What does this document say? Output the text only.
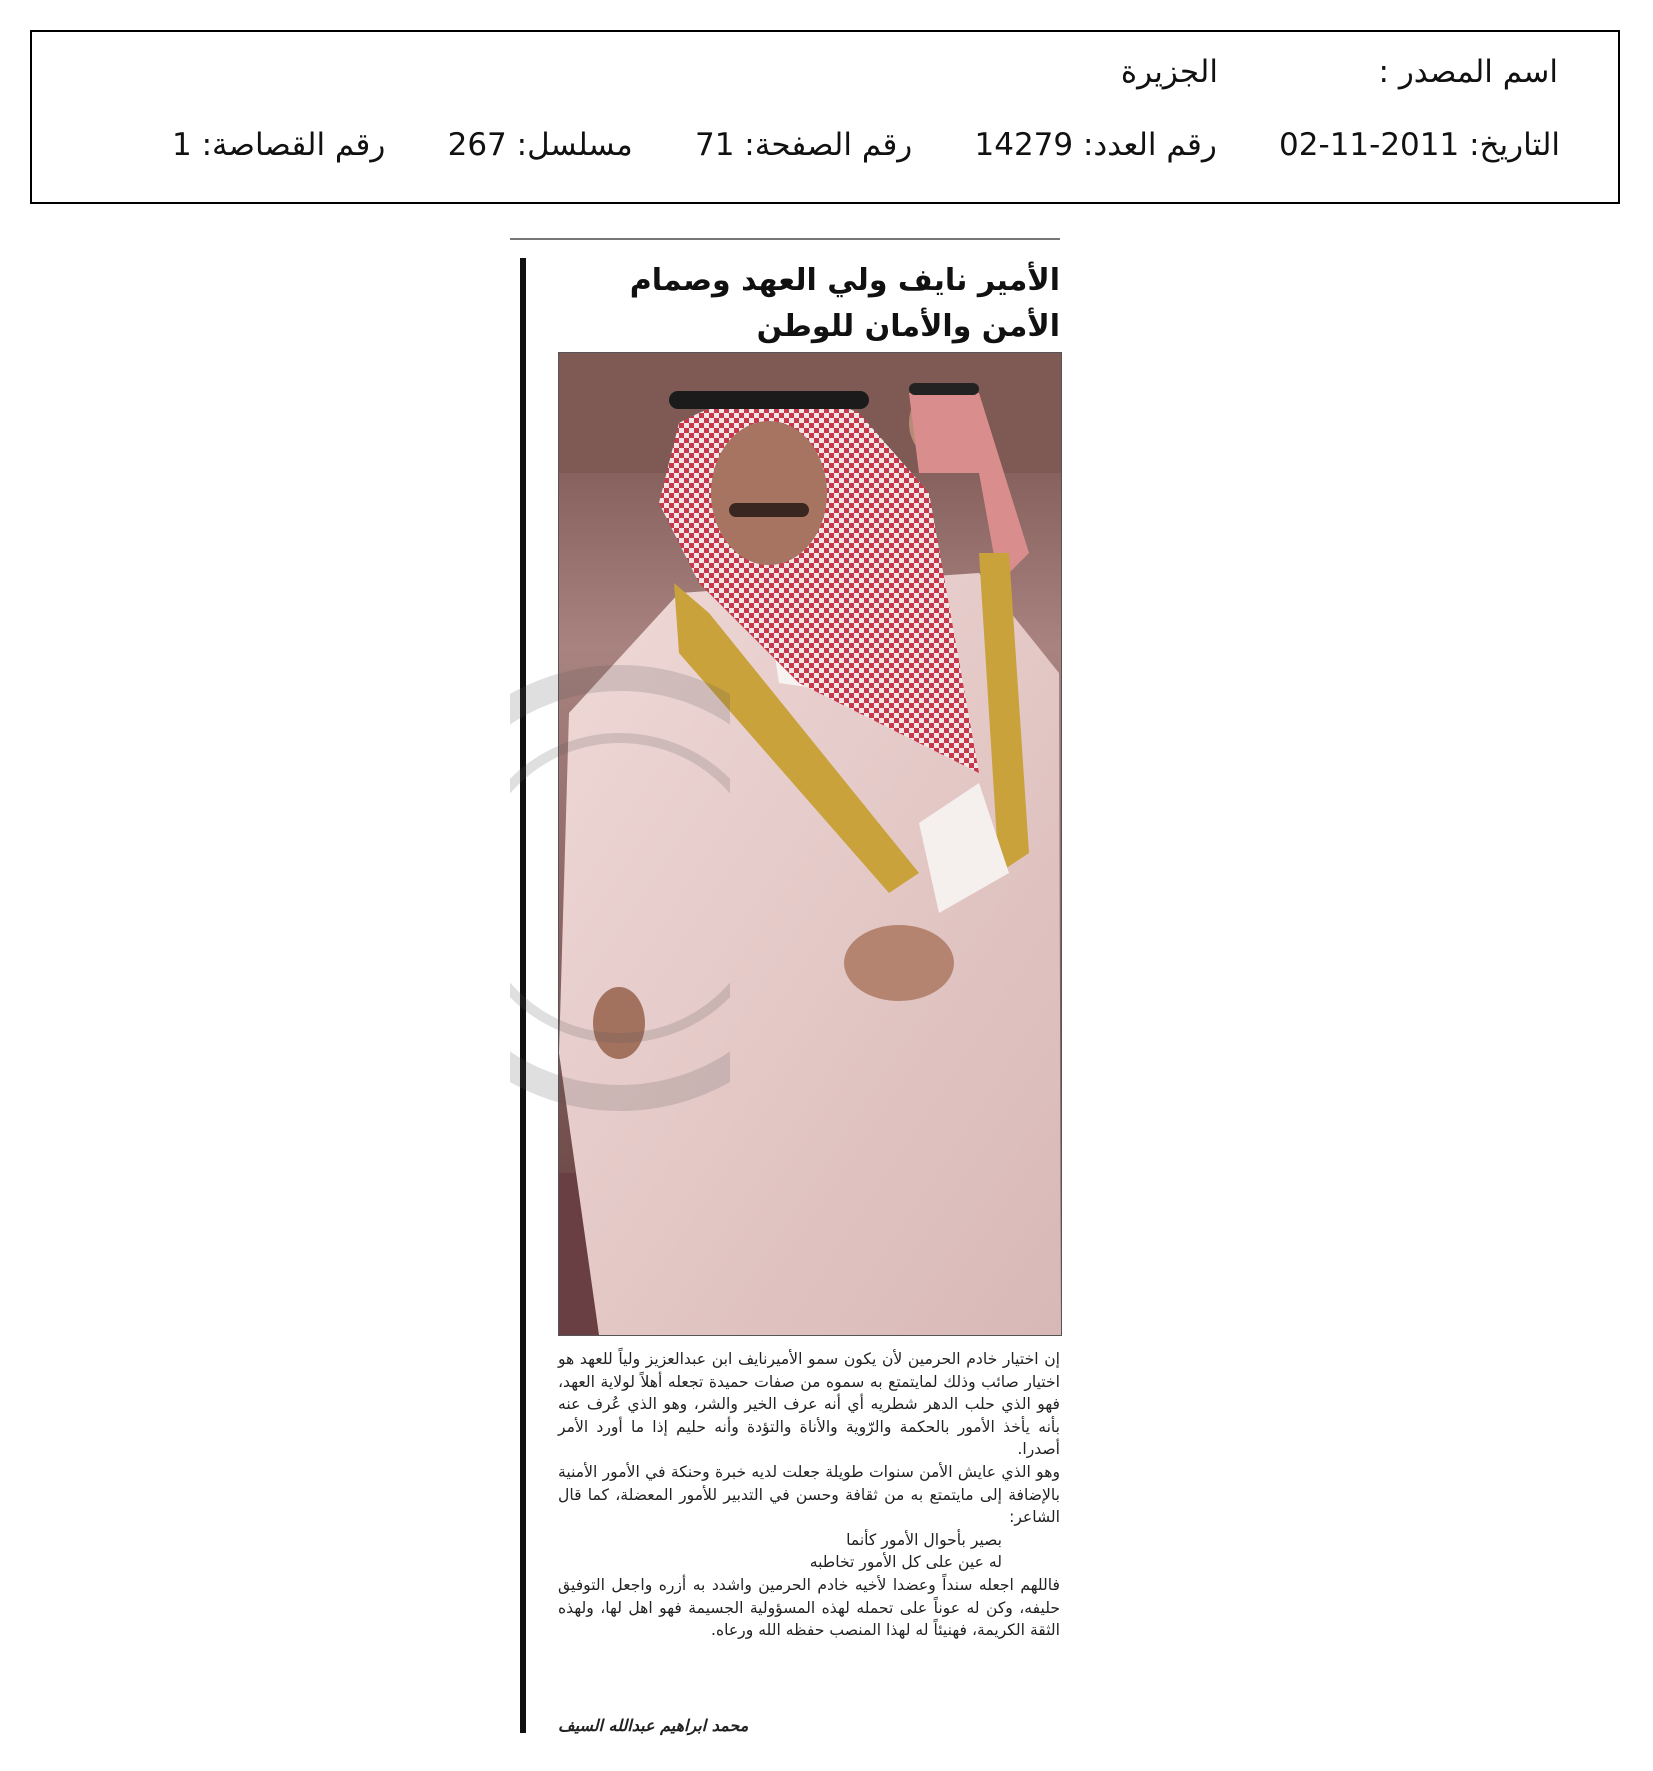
اسم المصدر :
الجزيرة
التاريخ: 2011-11-02
رقم العدد: 14279
رقم الصفحة: 71
مسلسل: 267
رقم القصاصة: 1
الأمير نايف ولي العهد وصمام
الأمن والأمان للوطن

إن اختيار خادم الحرمين لأن يكون سمو الأميرنايف ابن عبدالعزيز ولياً للعهد هو اختيار صائب وذلك لمايتمتع به سموه من صفات حميدة تجعله أهلاً لولاية العهد، فهو الذي حلب الدهر شطريه أي أنه عرف الخير والشر، وهو الذي عُرف عنه بأنه يأخذ الأمور بالحكمة والرّوية والأناة والتؤدة وأنه حليم إذا ما أورد الأمر أصدرا.

وهو الذي عايش الأمن سنوات طويلة جعلت لديه خبرة وحنكة في الأمور الأمنية بالإضافة إلى مايتمتع به من ثقافة وحسن في التدبير للأمور المعضلة، كما قال الشاعر:

بصير بأحوال الأمور كأنما

له عين على كل الأمور تخاطبه

فاللهم اجعله سنداً وعضدا لأخيه خادم الحرمين واشدد به أزره واجعل التوفيق حليفه، وكن له عوناً على تحمله لهذه المسؤولية الجسيمة فهو اهل لها، ولهذه الثقة الكريمة، فهنيئاً له لهذا المنصب حفظه الله ورعاه.

محمد ابراهيم عبدالله السيف
